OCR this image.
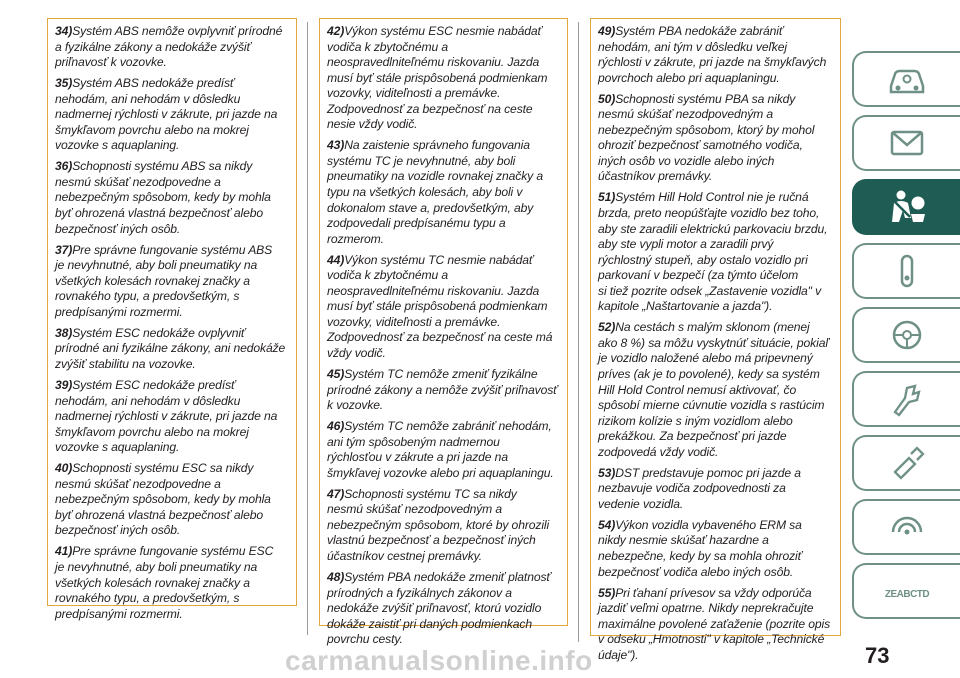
34)Systém ABS nemôže ovplyvniť prírodné
a fyzikálne zákony a nedokáže zvýšiť
priľnavosť k vozovke.

35)Systém ABS nedokáže predísť
nehodám, ani nehodám v dôsledku
nadmernej rýchlosti v zákrute, pri jazde na
šmykľavom povrchu alebo na mokrej
vozovke s aquaplaning.

36)Schopnosti systému ABS sa nikdy
nesmú skúšať nezodpovedne a
nebezpečným spôsobom, kedy by mohla
byť ohrozená vlastná bezpečnosť alebo
bezpečnosť iných osôb.

37)Pre správne fungovanie systému ABS
je nevyhnutné, aby boli pneumatiky na
všetkých kolesách rovnakej značky a
rovnakého typu, a predovšetkým, s
predpísanými rozmermi.

38)Systém ESC nedokáže ovplyvniť
prírodné ani fyzikálne zákony, ani nedokáže
zvýšiť stabilitu na vozovke.

39)Systém ESC nedokáže predísť
nehodám, ani nehodám v dôsledku
nadmernej rýchlosti v zákrute, pri jazde na
šmykľavom povrchu alebo na mokrej
vozovke s aquaplaning.

40)Schopnosti systému ESC sa nikdy
nesmú skúšať nezodpovedne a
nebezpečným spôsobom, kedy by mohla
byť ohrozená vlastná bezpečnosť alebo
bezpečnosť iných osôb.

41)Pre správne fungovanie systému ESC
je nevyhnutné, aby boli pneumatiky na
všetkých kolesách rovnakej značky a
rovnakého typu, a predovšetkým, s
predpísanými rozmermi.

42)Výkon systému ESC nesmie nabádať
vodiča k zbytočnému a
neospravedlniteľnému riskovaniu. Jazda
musí byť stále prispôsobená podmienkam
vozovky, viditeľnosti a premávke.
Zodpovednosť za bezpečnosť na ceste
nesie vždy vodič.

43)Na zaistenie správneho fungovania
systému TC je nevyhnutné, aby boli
pneumatiky na vozidle rovnakej značky a
typu na všetkých kolesách, aby boli v
dokonalom stave a, predovšetkým, aby
zodpovedali predpísanému typu a
rozmerom.

44)Výkon systému TC nesmie nabádať
vodiča k zbytočnému a
neospravedlniteľnému riskovaniu. Jazda
musí byť stále prispôsobená podmienkam
vozovky, viditeľnosti a premávke.
Zodpovednosť za bezpečnosť na ceste má
vždy vodič.

45)Systém TC nemôže zmeniť fyzikálne
prírodné zákony a nemôže zvýšiť priľnavosť
k vozovke.

46)Systém TC nemôže zabrániť nehodám,
ani tým spôsobeným nadmernou
rýchlosťou v zákrute a pri jazde na
šmykľavej vozovke alebo pri aquaplaningu.

47)Schopnosti systému TC sa nikdy
nesmú skúšať nezodpovedným a
nebezpečným spôsobom, ktoré by ohrozili
vlastnú bezpečnosť a bezpečnosť iných
účastníkov cestnej premávky.

48)Systém PBA nedokáže zmeniť platnosť
prírodných a fyzikálnych zákonov a
nedokáže zvýšiť priľnavosť, ktorú vozidlo
dokáže zaistiť pri daných podmienkach
povrchu cesty.

49)Systém PBA nedokáže zabrániť
nehodám, ani tým v dôsledku veľkej
rýchlosti v zákrute, pri jazde na šmykľavých
povrchoch alebo pri aquaplaningu.

50)Schopnosti systému PBA sa nikdy
nesmú skúšať nezodpovedným a
nebezpečným spôsobom, ktorý by mohol
ohroziť bezpečnosť samotného vodiča,
iných osôb vo vozidle alebo iných
účastníkov premávky.

51)Systém Hill Hold Control nie je ručná
brzda, preto neopúšťajte vozidlo bez toho,
aby ste zaradili elektrickú parkovaciu brzdu,
aby ste vypli motor a zaradili prvý
rýchlostný stupeň, aby ostalo vozidlo pri
parkovaní v bezpečí (za týmto účelom
si tiež pozrite odsek „Zastavenie vozidla" v
kapitole „Naštartovanie a jazda").

52)Na cestách s malým sklonom (menej
ako 8 %) sa môžu vyskytnúť situácie, pokiaľ
je vozidlo naložené alebo má pripevnený
príves (ak je to povolené), kedy sa systém
Hill Hold Control nemusí aktivovať, čo
spôsobí mierne cúvnutie vozidla s rastúcim
rizikom kolízie s iným vozidlom alebo
prekážkou. Za bezpečnosť pri jazde
zodpovedá vždy vodič.

53)DST predstavuje pomoc pri jazde a
nezbavuje vodiča zodpovednosti za
vedenie vozidla.

54)Výkon vozidla vybaveného ERM sa
nikdy nesmie skúšať hazardne a
nebezpečne, kedy by sa mohla ohroziť
bezpečnosť vodiča alebo iných osôb.

55)Pri ťahaní prívesov sa vždy odporúča
jazdiť veľmi opatrne. Nikdy neprekračujte
maximálne povolené zaťaženie (pozrite opis
v odseku „Hmotnosti" v kapitole „Technické
údaje").

ZEABCTD
carmanualsonline.info	73
